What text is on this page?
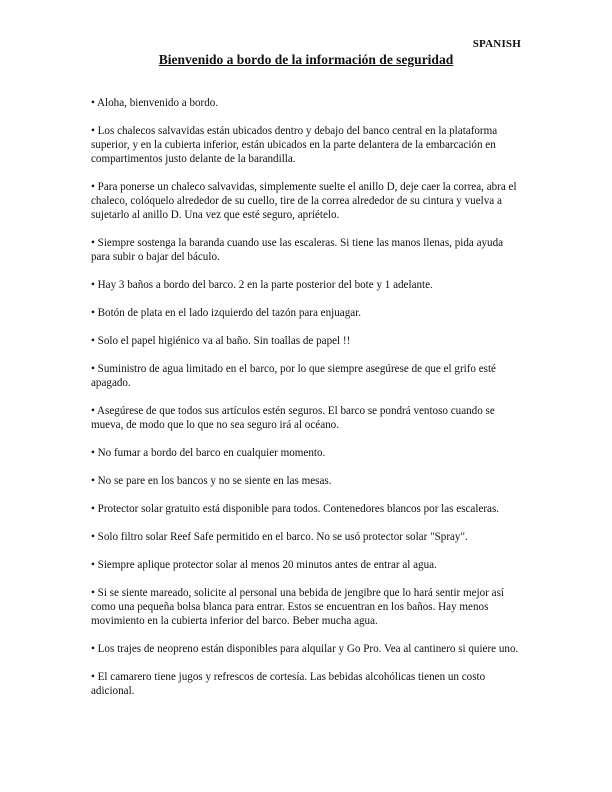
SPANISH
Bienvenido a bordo de la información de seguridad
• Aloha, bienvenido a bordo.
• Los chalecos salvavidas están ubicados dentro y debajo del banco central en la plataforma superior, y en la cubierta inferior, están ubicados en la parte delantera de la embarcación en compartimentos justo delante de la barandilla.
• Para ponerse un chaleco salvavidas, simplemente suelte el anillo D, deje caer la correa, abra el chaleco, colóquelo alrededor de su cuello, tire de la correa alrededor de su cintura y vuelva a sujetarlo al anillo D. Una vez que esté seguro, apriételo.
• Siempre sostenga la baranda cuando use las escaleras. Si tiene las manos llenas, pida ayuda para subir o bajar del báculo.
• Hay 3 baños a bordo del barco. 2 en la parte posterior del bote y 1 adelante.
• Botón de plata en el lado izquierdo del tazón para enjuagar.
• Solo el papel higiénico va al baño. Sin toallas de papel !!
• Suministro de agua limitado en el barco, por lo que siempre asegúrese de que el grifo esté apagado.
• Asegúrese de que todos sus artículos estén seguros. El barco se pondrá ventoso cuando se mueva, de modo que lo que no sea seguro irá al océano.
• No fumar a bordo del barco en cualquier momento.
• No se pare en los bancos y no se siente en las mesas.
• Protector solar gratuito está disponible para todos. Contenedores blancos por las escaleras.
• Solo filtro solar Reef Safe permitido en el barco. No se usó protector solar "Spray".
• Siempre aplique protector solar al menos 20 minutos antes de entrar al agua.
• Si se siente mareado, solicite al personal una bebida de jengibre que lo hará sentir mejor así como una pequeña bolsa blanca para entrar. Estos se encuentran en los baños. Hay menos movimiento en la cubierta inferior del barco. Beber mucha agua.
• Los trajes de neopreno están disponibles para alquilar y Go Pro. Vea al cantinero si quiere uno.
• El camarero tiene jugos y refrescos de cortesía. Las bebidas alcohólicas tienen un costo adicional.
